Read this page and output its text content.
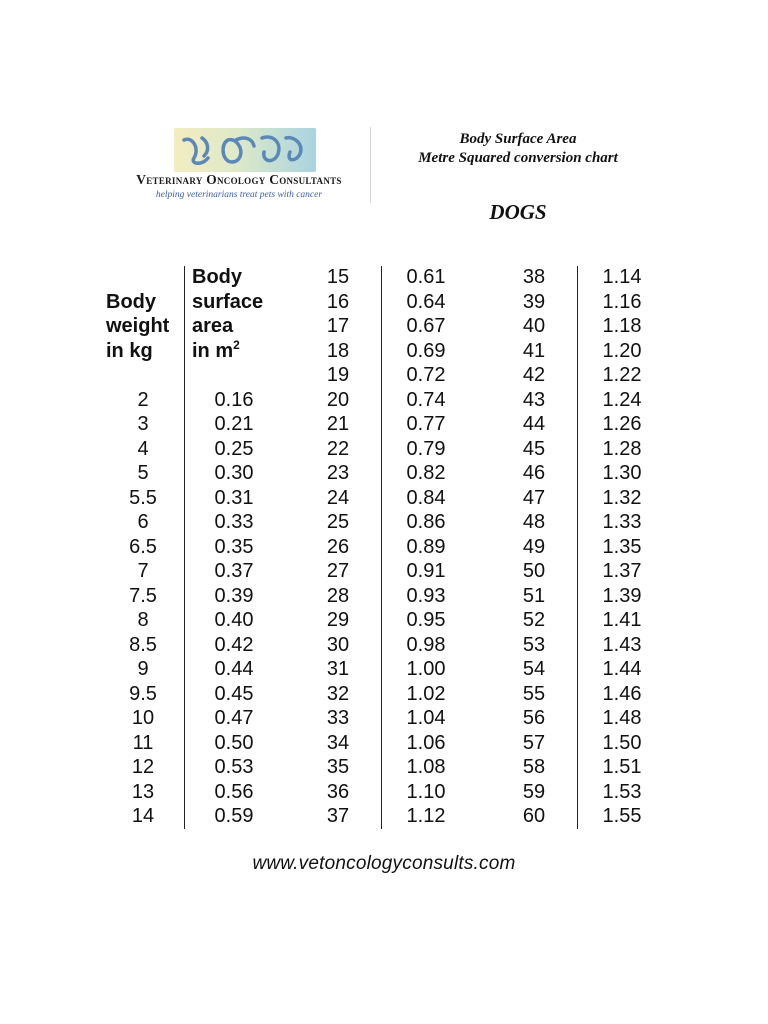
Veterinary Oncology Consultants
helping veterinarians treat pets with cancer
Body Surface Area
Metre Squared conversion chart
DOGS
Body
weight
in kg
2
3
4
5
5.5
6
6.5
7
7.5
8
8.5
9
9.5
10
11
12
13
14
Body
surface
area
in $m^2$
0.16
0.21
0.25
0.30
0.31
0.33
0.35
0.37
0.39
0.40
0.42
0.44
0.45
0.47
0.50
0.53
0.56
0.59
15
16
17
18
19
20
21
22
23
24
25
26
27
28
29
30
31
32
33
34
35
36
37
0.61
0.64
0.67
0.69
0.72
0.74
0.77
0.79
0.82
0.84
0.86
0.89
0.91
0.93
0.95
0.98
1.00
1.02
1.04
1.06
1.08
1.10
1.12
38
39
40
41
42
43
44
45
46
47
48
49
50
51
52
53
54
55
56
57
58
59
60
1.14
1.16
1.18
1.20
1.22
1.24
1.26
1.28
1.30
1.32
1.33
1.35
1.37
1.39
1.41
1.43
1.44
1.46
1.48
1.50
1.51
1.53
1.55
www.vetoncologyconsults.com
